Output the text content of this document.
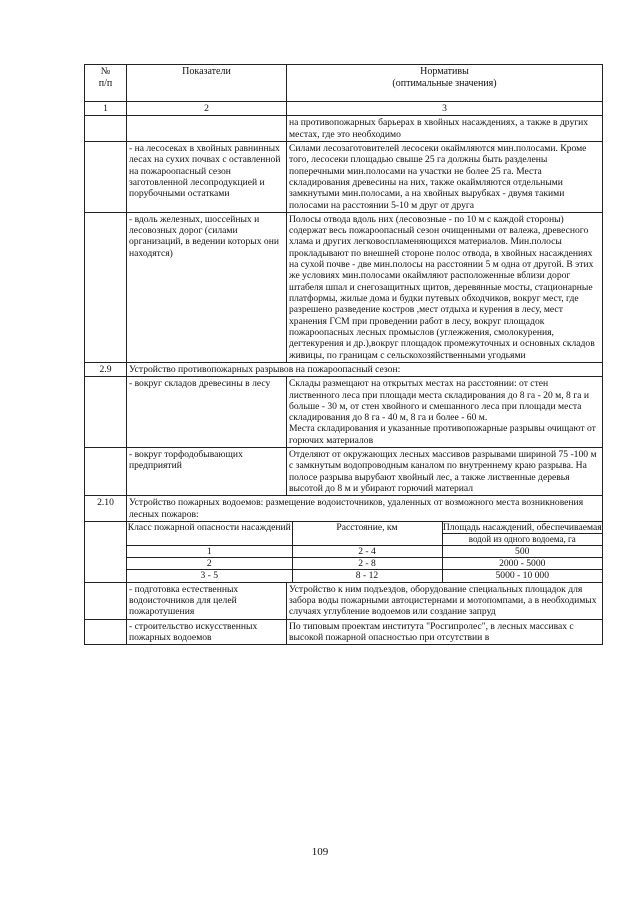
№
п/п	Показатели	Нормативы
(оптимальные значения)
1	2	3
		на противопожарных барьерах в хвойных насаждениях, а также в других местах, где это необходимо
	- на лесосеках в хвойных равнинных лесах на сухих почвах с оставленной на пожароопасный сезон заготовленной лесопродукцией и порубочными остатками	Силами лесозаготовителей лесосеки окаймляются мин.полосами. Кроме того, лесосеки площадью свыше 25 га должны быть разделены поперечными мин.полосами на участки не более 25 га. Места складирования древесины на них, также окаймляются отдельными замкнутыми мин.полосами, а на хвойных вырубках - двумя такими полосами на расстоянии 5-10 м друг от друга
	- вдоль железных, шоссейных и лесовозных дорог (силами организаций, в ведении которых они находятся)	Полосы отвода вдоль них (лесовозные - по 10 м с каждой стороны) содержат весь пожароопасный сезон очищенными от валежа, древесного хлама и других легковоспламеняющихся материалов. Мин.полосы прокладывают по внешней стороне полос отвода, в хвойных насаждениях на сухой почве - две мин.полосы на расстоянии 5 м одна от другой. В этих же условиях мин.полосами окаймляют расположенные вблизи дорог штабеля шпал и снегозащитных щитов, деревянные мосты, стационарные платформы, жилые дома и будки путевых обходчиков, вокруг мест, где разрешено разведение костров ,мест отдыха и курения в лесу, мест хранения ГСМ при проведении работ в лесу, вокруг площадок пожароопасных лесных промыслов (углежжения, смолокурения, дегтекурения и др.),вокруг площадок промежуточных и основных складов живицы, по границам с сельскохозяйственными угодьями
2.9	Устройство противопожарных разрывов на пожароопасный сезон:
	- вокруг складов древесины в лесу	Склады размещают на открытых местах на расстоянии: от стен лиственного леса при площади места складирования до 8 га - 20 м, 8 га и больше - 30 м, от стен хвойного и смешанного леса при площади места складирования до 8 га - 40 м, 8 га и более - 60 м.
Места складирования и указанные противопожарные разрывы очищают от горючих материалов
	- вокруг торфодобывающих предприятий	Отделяют от окружающих лесных массивов разрывами шириной 75 -100 м с замкнутым водопроводным каналом по внутреннему краю разрыва. На полосе разрыва вырубают хвойный лес, а также лиственные деревья высотой до 8 м и убирают горючий материал
2.10	Устройство пожарных водоемов: размещение водоисточников, удаленных от возможного места возникновения лесных пожаров:

Класс пожарной опасности насаждений	Расстояние, км	Площадь насаждений, обеспечиваемая
водой из одного водоема, га
1	2 - 4	500
2	2 - 8	2000 - 5000
3 - 5	8 - 12	5000 - 10 000

	- подготовка естественных водоисточников для целей пожаротушения	Устройство к ним подъездов, оборудование специальных площадок для забора воды пожарными автоцистернами и мотопомпами, а в необходимых случаях углубление водоемов или создание запруд
	- строительство искусственных пожарных водоемов	По типовым проектам института "Росгипролес", в лесных массивах с высокой пожарной опасностью при отсутствии в
109
